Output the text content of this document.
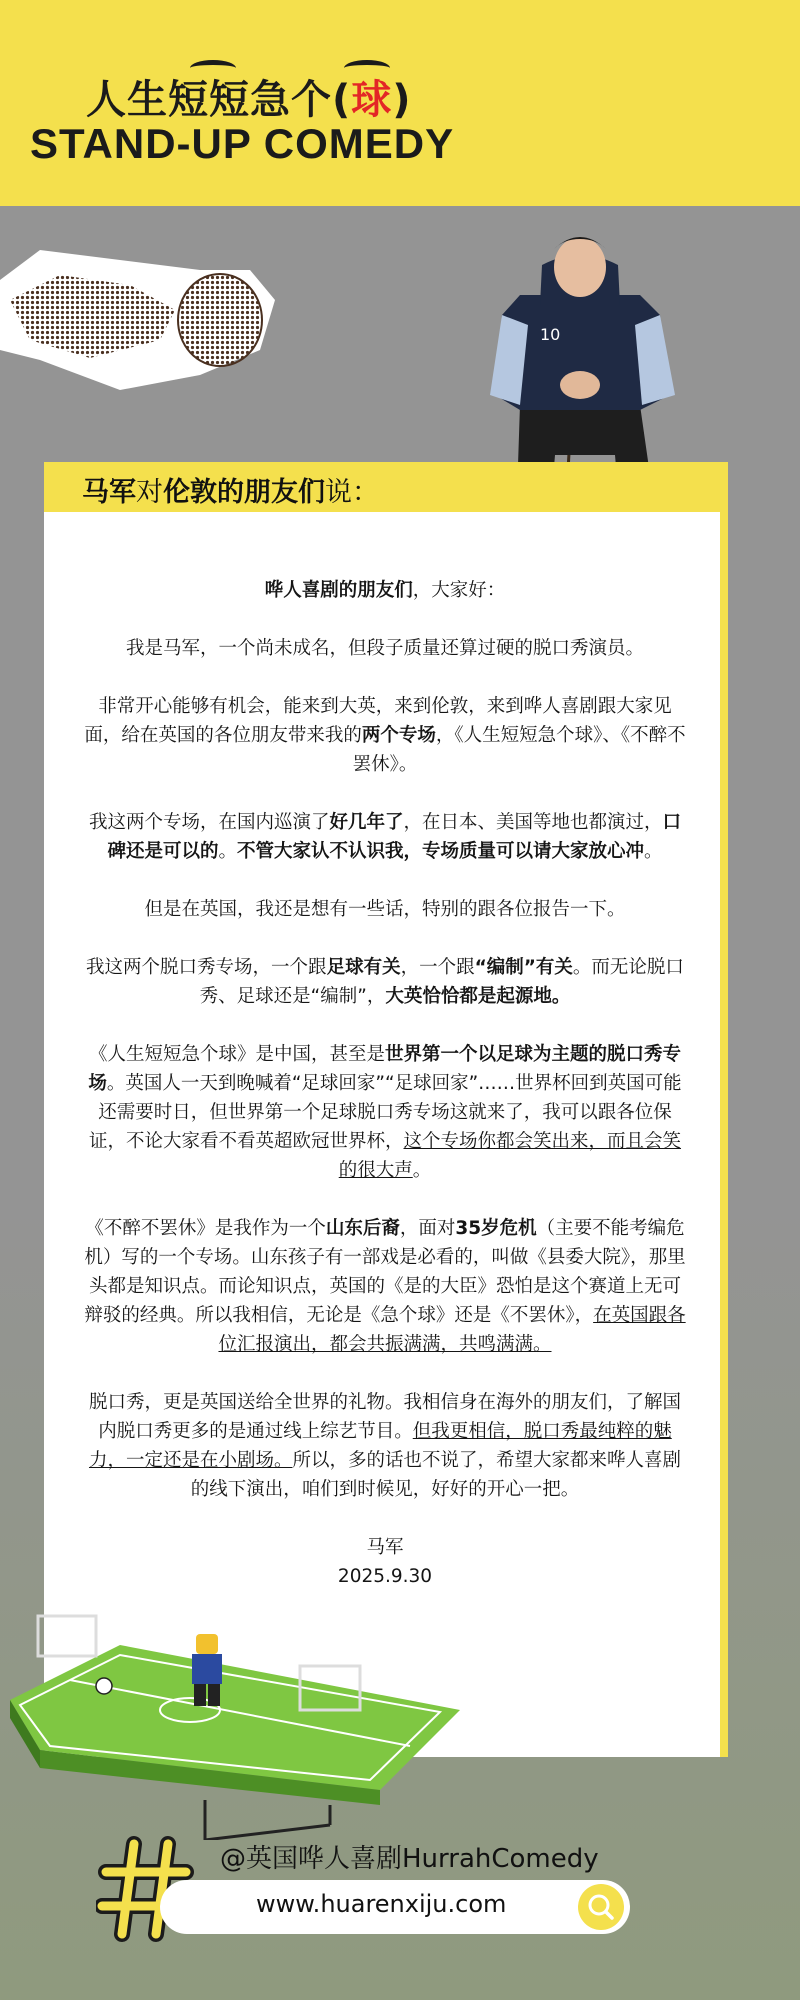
人生短短急个(球)
STAND-UP COMEDY
10
马军对伦敦的朋友们说：

哗人喜剧的朋友们，大家好：

我是马军，一个尚未成名，但段子质量还算过硬的脱口秀演员。

非常开心能够有机会，能来到大英，来到伦敦，来到哗人喜剧跟大家见面，给在英国的各位朋友带来我的两个专场，《人生短短急个球》、《不醉不罢休》。

我这两个专场，在国内巡演了好几年了，在日本、美国等地也都演过，口碑还是可以的。不管大家认不认识我，专场质量可以请大家放心冲。

但是在英国，我还是想有一些话，特别的跟各位报告一下。

我这两个脱口秀专场，一个跟足球有关，一个跟“编制”有关。而无论脱口秀、足球还是“编制”，大英恰恰都是起源地。

《人生短短急个球》是中国，甚至是世界第一个以足球为主题的脱口秀专场。英国人一天到晚喊着“足球回家”“足球回家”……世界杯回到英国可能还需要时日，但世界第一个足球脱口秀专场这就来了，我可以跟各位保证，不论大家看不看英超欧冠世界杯，这个专场你都会笑出来，而且会笑的很大声。

《不醉不罢休》是我作为一个山东后裔，面对35岁危机（主要不能考编危机）写的一个专场。山东孩子有一部戏是必看的，叫做《县委大院》，那里头都是知识点。而论知识点，英国的《是的大臣》恐怕是这个赛道上无可辩驳的经典。所以我相信，无论是《急个球》还是《不罢休》，在英国跟各位汇报演出，都会共振满满，共鸣满满。

脱口秀，更是英国送给全世界的礼物。我相信身在海外的朋友们，了解国内脱口秀更多的是通过线上综艺节目。但我更相信，脱口秀最纯粹的魅力，一定还是在小剧场。所以，多的话也不说了，希望大家都来哗人喜剧的线下演出，咱们到时候见，好好的开心一把。

马军
2025.9.30

@英国哗人喜剧HurrahComedy
www.huarenxiju.com
